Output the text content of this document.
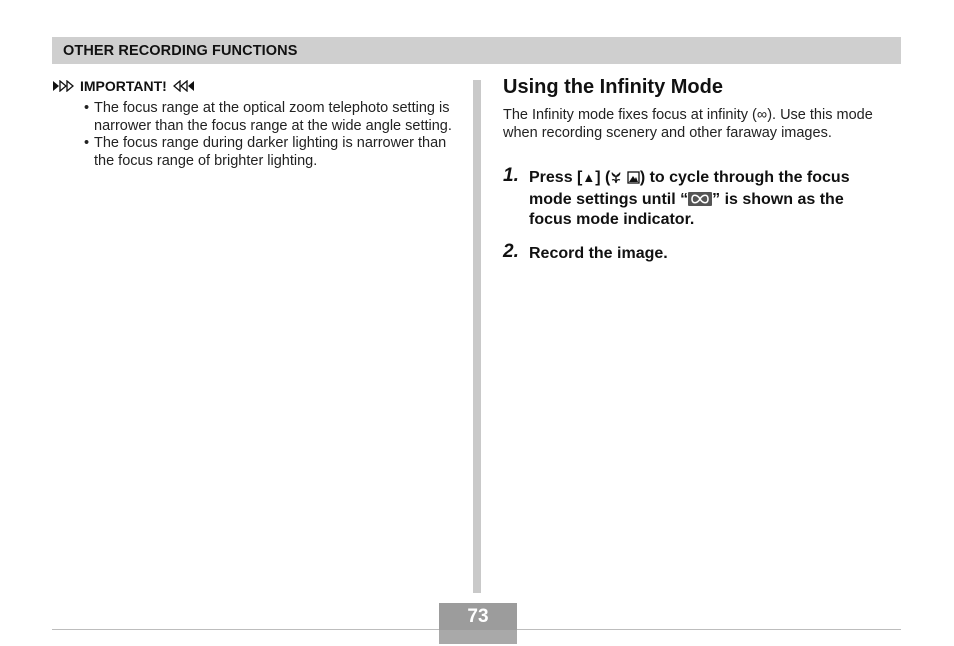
OTHER RECORDING FUNCTIONS
IMPORTANT!
• The focus range at the optical zoom telephoto setting is narrower than the focus range at the wide angle setting.
• The focus range during darker lighting is narrower than the focus range of brighter lighting.
Using the Infinity Mode
The Infinity mode fixes focus at infinity (∞). Use this mode when recording scenery and other faraway images.
1. Press [▲] ( ) to cycle through the focus mode settings until “ ” is shown as the focus mode indicator.
2. Record the image.
73
